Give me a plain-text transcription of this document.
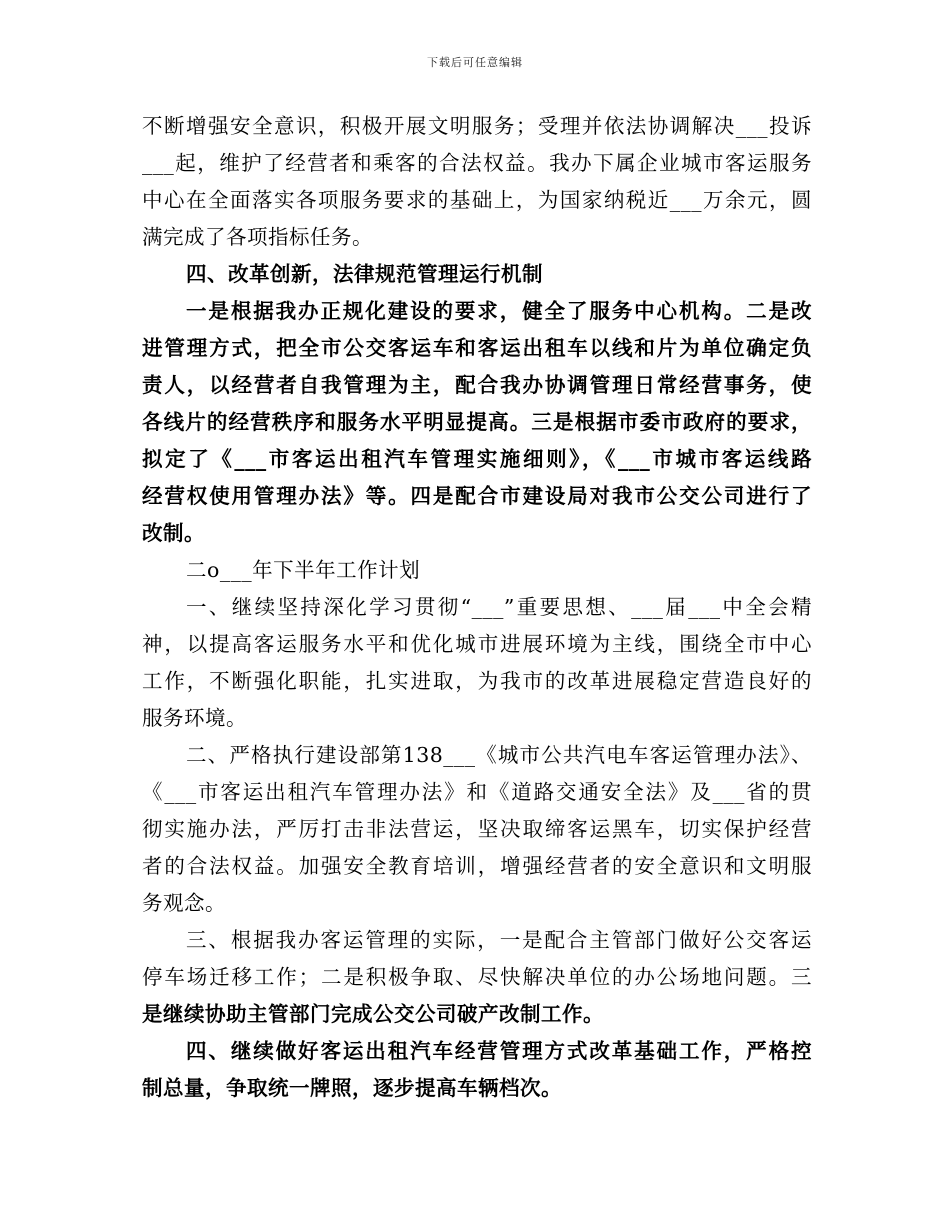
下载后可任意编辑
不断增强安全意识，积极开展文明服务；受理并依法协调解决___投诉
___起，维护了经营者和乘客的合法权益。我办下属企业城市客运服务
中心在全面落实各项服务要求的基础上，为国家纳税近___万余元，圆
满完成了各项指标任务。
四、改革创新，法律规范管理运行机制
一是根据我办正规化建设的要求，健全了服务中心机构。二是改
进管理方式，把全市公交客运车和客运出租车以线和片为单位确定负
责人，以经营者自我管理为主，配合我办协调管理日常经营事务，使
各线片的经营秩序和服务水平明显提高。三是根据市委市政府的要求，
拟定了《___市客运出租汽车管理实施细则》，《___市城市客运线路
经营权使用管理办法》等。四是配合市建设局对我市公交公司进行了
改制。
二o___年下半年工作计划
一、继续坚持深化学习贯彻“___”重要思想、___届___中全会精
神，以提高客运服务水平和优化城市进展环境为主线，围绕全市中心
工作，不断强化职能，扎实进取，为我市的改革进展稳定营造良好的
服务环境。
二、严格执行建设部第138___《城市公共汽电车客运管理办法》、
《___市客运出租汽车管理办法》和《道路交通安全法》及___省的贯
彻实施办法，严厉打击非法营运，坚决取缔客运黑车，切实保护经营
者的合法权益。加强安全教育培训，增强经营者的安全意识和文明服
务观念。
三、根据我办客运管理的实际，一是配合主管部门做好公交客运
停车场迁移工作；二是积极争取、尽快解决单位的办公场地问题。三
是继续协助主管部门完成公交公司破产改制工作。
四、继续做好客运出租汽车经营管理方式改革基础工作，严格控
制总量，争取统一牌照，逐步提高车辆档次。
